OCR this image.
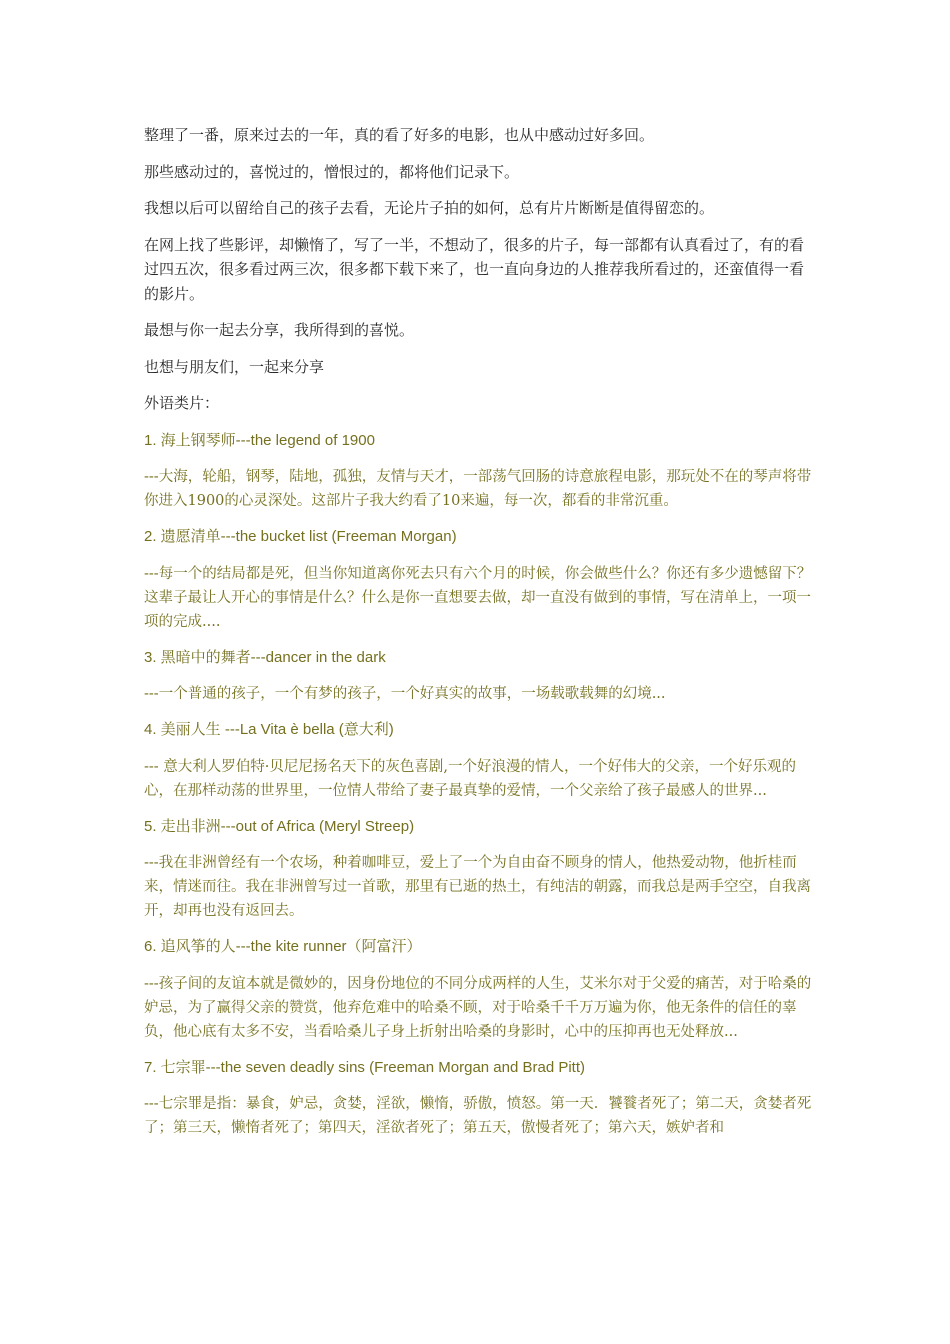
整理了一番，原来过去的一年，真的看了好多的电影，也从中感动过好多回。

那些感动过的，喜悦过的，憎恨过的，都将他们记录下。

我想以后可以留给自己的孩子去看，无论片子拍的如何，总有片片断断是值得留恋的。

在网上找了些影评，却懒惰了，写了一半，不想动了，很多的片子，每一部都有认真看过了，有的看过四五次，很多看过两三次，很多都下载下来了，也一直向身边的人推荐我所看过的，还蛮值得一看的影片。

最想与你一起去分享，我所得到的喜悦。

也想与朋友们，一起来分享

外语类片：

1. 海上钢琴师---the legend of 1900

---大海，轮船，钢琴，陆地，孤独，友情与天才，一部荡气回肠的诗意旅程电影，那玩处不在的琴声将带你进入1900的心灵深处。这部片子我大约看了10来遍，每一次，都看的非常沉重。

2. 遗愿清单---the bucket list (Freeman Morgan)

---每一个的结局都是死，但当你知道离你死去只有六个月的时候，你会做些什么？你还有多少遗憾留下？这辈子最让人开心的事情是什么？什么是你一直想要去做，却一直没有做到的事情，写在清单上，一项一项的完成....

3. 黑暗中的舞者---dancer in the dark

---一个普通的孩子，一个有梦的孩子，一个好真实的故事，一场载歌载舞的幻境...

4. 美丽人生 ---La Vita è bella (意大利)

--- 意大利人罗伯特·贝尼尼扬名天下的灰色喜剧,一个好浪漫的情人，一个好伟大的父亲，一个好乐观的心，在那样动荡的世界里，一位情人带给了妻子最真挚的爱情，一个父亲给了孩子最感人的世界...

5. 走出非洲---out of Africa (Meryl Streep)

---我在非洲曾经有一个农场，种着咖啡豆，爱上了一个为自由奋不顾身的情人，他热爱动物，他折桂而来，情迷而往。我在非洲曾写过一首歌，那里有已逝的热土，有纯洁的朝露，而我总是两手空空，自我离开，却再也没有返回去。

6. 追风筝的人---the kite runner（阿富汗）

---孩子间的友谊本就是微妙的，因身份地位的不同分成两样的人生，艾米尔对于父爱的痛苦，对于哈桑的妒忌，为了赢得父亲的赞赏，他弃危难中的哈桑不顾，对于哈桑千千万万遍为你，他无条件的信任的辜负，他心底有太多不安，当看哈桑儿子身上折射出哈桑的身影时，心中的压抑再也无处释放...

7. 七宗罪---the seven deadly sins (Freeman Morgan and Brad Pitt)

---七宗罪是指：暴食，妒忌，贪婪，淫欲，懒惰，骄傲，愤怒。第一天．饕餮者死了；第二天，贪婪者死了；第三天，懒惰者死了；第四天，淫欲者死了；第五天，傲慢者死了；第六天，嫉妒者和
